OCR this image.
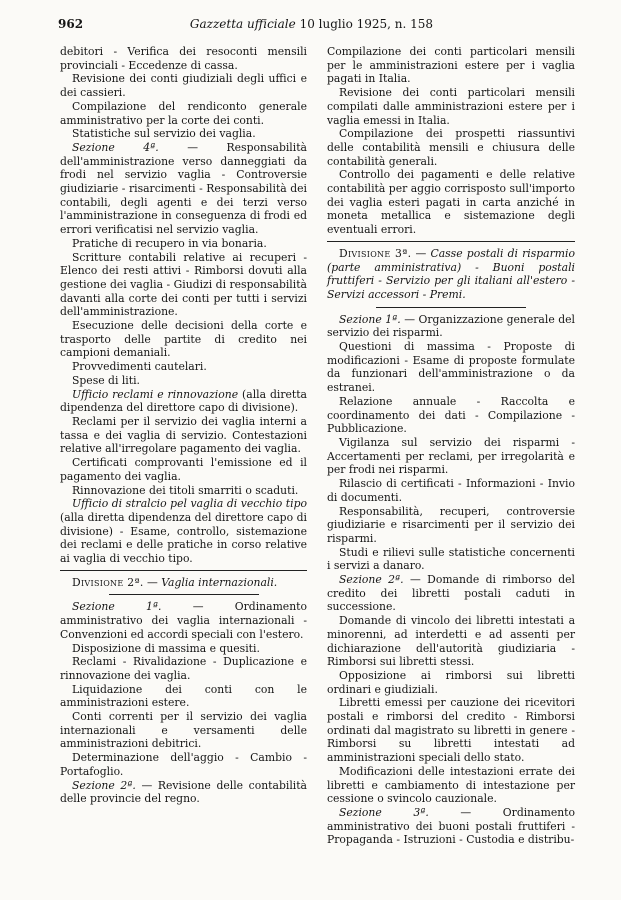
962	Gazzetta ufficiale 10 luglio 1925, n. 158

debitori - Verifica dei resoconti mensili provinciali - Eccedenze di cassa.

Revisione dei conti giudiziali degli uffici e dei cassieri.

Compilazione del rendiconto generale amministrativo per la corte dei conti.

Statistiche sul servizio dei vaglia.

Sezione 4ª. — Responsabilità dell'amministrazione verso danneggiati da frodi nel servizio vaglia - Controversie giudiziarie - risarcimenti - Responsabilità dei contabili, degli agenti e dei terzi verso l'amministrazione in conseguenza di frodi ed errori verificatisi nel servizio vaglia.

Pratiche di recupero in via bonaria.

Scritture contabili relative ai recuperi - Elenco dei resti attivi - Rimborsi dovuti alla gestione dei vaglia - Giudizi di responsabilità davanti alla corte dei conti per tutti i servizi dell'amministrazione.

Esecuzione delle decisioni della corte e trasporto delle partite di credito nei campioni demaniali.

Provvedimenti cautelari.

Spese di liti.

Ufficio reclami e rinnovazione (alla diretta dipendenza del direttore capo di divisione).

Reclami per il servizio dei vaglia interni a tassa e dei vaglia di servizio. Contestazioni relative all'irregolare pagamento dei vaglia.

Certificati comprovanti l'emissione ed il pagamento dei vaglia.

Rinnovazione dei titoli smarriti o scaduti.

Ufficio di stralcio pel vaglia di vecchio tipo (alla diretta dipendenza del direttore capo di divisione) - Esame, controllo, sistemazione dei reclami e delle pratiche in corso relative ai vaglia di vecchio tipo.

Divisione 2ª. — Vaglia internazionali.

Sezione 1ª. — Ordinamento amministrativo dei vaglia internazionali - Convenzioni ed accordi speciali con l'estero.

Disposizione di massima e quesiti.

Reclami - Rivalidazione - Duplicazione e rinnovazione dei vaglia.

Liquidazione dei conti con le amministrazioni estere.

Conti correnti per il servizio dei vaglia internazionali e versamenti delle amministrazioni debitrici.

Determinazione dell'aggio - Cambio - Portafoglio.

Sezione 2ª. — Revisione delle contabilità delle provincie del regno.

Compilazione dei conti particolari mensili per le amministrazioni estere per i vaglia pagati in Italia.

Revisione dei conti particolari mensili compilati dalle amministrazioni estere per i vaglia emessi in Italia.

Compilazione dei prospetti riassuntivi delle contabilità mensili e chiusura delle contabilità generali.

Controllo dei pagamenti e delle relative contabilità per aggio corrisposto sull'importo dei vaglia esteri pagati in carta anziché in moneta metallica e sistemazione degli eventuali errori.

Divisione 3ª. — Casse postali di risparmio (parte amministrativa) - Buoni postali fruttiferi - Servizio per gli italiani all'estero - Servizi accessori - Premi.

Sezione 1ª. — Organizzazione generale del servizio dei risparmi.

Questioni di massima - Proposte di modificazioni - Esame di proposte formulate da funzionari dell'amministrazione o da estranei.

Relazione annuale - Raccolta e coordinamento dei dati - Compilazione - Pubblicazione.

Vigilanza sul servizio dei risparmi - Accertamenti per reclami, per irregolarità e per frodi nei risparmi.

Rilascio di certificati - Informazioni - Invio di documenti.

Responsabilità, recuperi, controversie giudiziarie e risarcimenti per il servizio dei risparmi.

Studi e rilievi sulle statistiche concernenti i servizi a danaro.

Sezione 2ª. — Domande di rimborso del credito dei libretti postali caduti in successione.

Domande di vincolo dei libretti intestati a minorenni, ad interdetti e ad assenti per dichiarazione dell'autorità giudiziaria - Rimborsi sui libretti stessi.

Opposizione ai rimborsi sui libretti ordinari e giudiziali.

Libretti emessi per cauzione dei ricevitori postali e rimborsi del credito - Rimborsi ordinati dal magistrato su libretti in genere - Rimborsi su libretti intestati ad amministrazioni speciali dello stato.

Modificazioni delle intestazioni errate dei libretti e cambiamento di intestazione per cessione o svincolo cauzionale.

Sezione 3ª. — Ordinamento amministrativo dei buoni postali fruttiferi - Propaganda - Istruzioni - Custodia e distribu-
